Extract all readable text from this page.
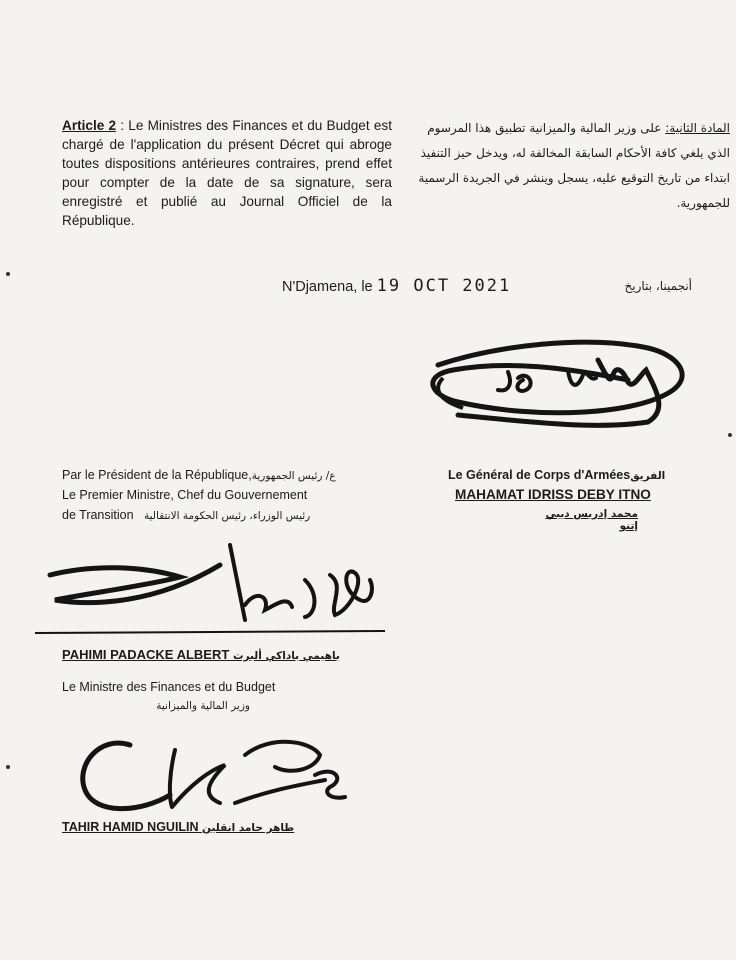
Article 2 : Le Ministres des Finances et du Budget est chargé de l'application du présent Décret qui abroge toutes dispositions antérieures contraires, prend effet pour compter de la date de sa signature, sera enregistré et publié au Journal Officiel de la République.
المادة الثانية: على وزير المالية والميزانية تطبيق هذا المرسوم الذي يلغي كافة الأحكام السابقة المخالفة له، ويدخل حيز التنفيذ ابتداء من تاريخ التوقيع عليه، يسجل وينشر في الجريدة الرسمية للجمهورية.
N'Djamena, le 19 OCT 2021	أنجمينا، بتاريخ
Le Général de Corps d'Arméesالفريق
MAHAMAT IDRISS DEBY ITNO
محمد إدريس ديبي إتنو
Par le Président de la République,ع/ رئيس الجمهورية
Le Premier Ministre, Chef du Gouvernement
de Transition رئيس الوزراء، رئيس الحكومة الانتقالية
PAHIMI PADACKE ALBERT باهيمي باداكي ألبرت
Le Ministre des Finances et du Budget
وزير المالية والميزانية
TAHIR HAMID NGUILIN طاهر حامد انقلين
